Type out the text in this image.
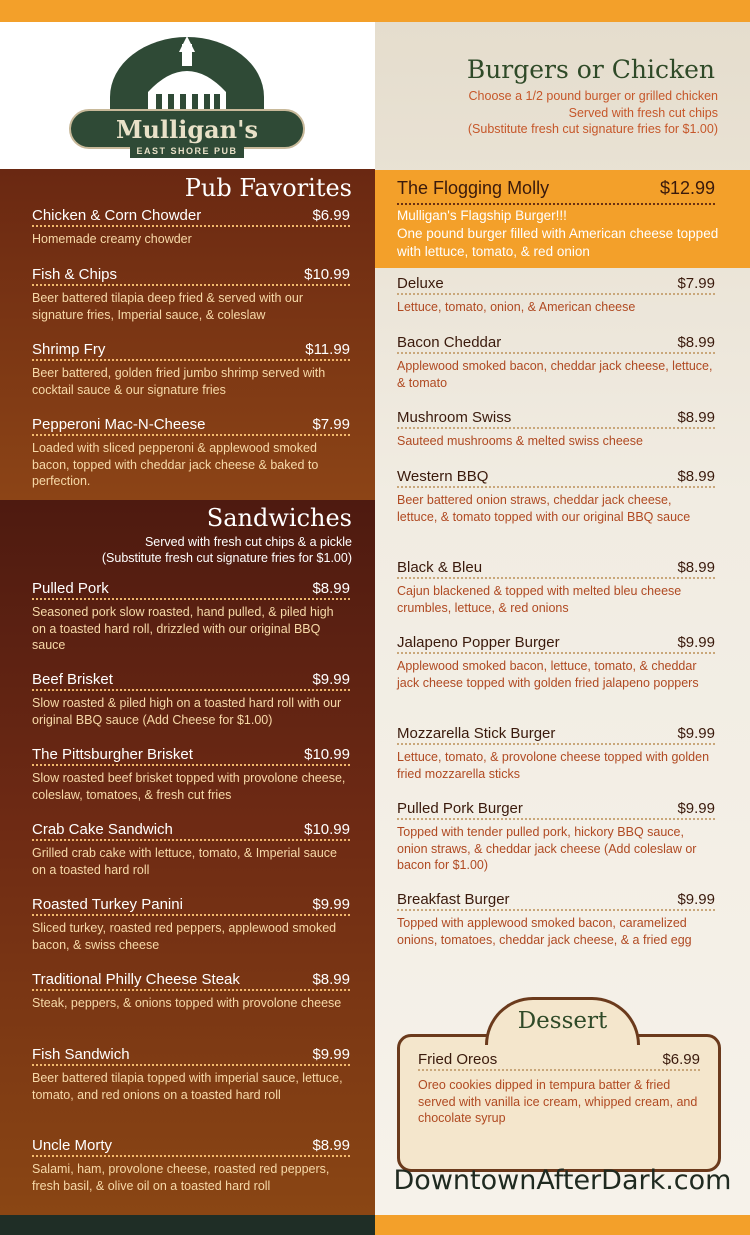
Mulligan's
EAST SHORE PUB
Pub Favorites
Chicken & Corn Chowder	$6.99
Homemade creamy chowder
Fish & Chips	$10.99
Beer battered tilapia deep fried & served with our signature fries, Imperial sauce, & coleslaw
Shrimp Fry	$11.99
Beer battered, golden fried jumbo shrimp served with cocktail sauce & our signature fries
Pepperoni Mac-N-Cheese	$7.99
Loaded with sliced pepperoni & applewood smoked bacon, topped with cheddar jack cheese & baked to perfection.
Sandwiches
Served with fresh cut chips & a pickle
(Substitute fresh cut signature fries for $1.00)
Pulled Pork	$8.99
Seasoned pork slow roasted, hand pulled, & piled high on a toasted hard roll, drizzled with our original BBQ sauce
Beef Brisket	$9.99
Slow roasted & piled high on a toasted hard roll with our original BBQ sauce (Add Cheese for $1.00)
The Pittsburgher Brisket	$10.99
Slow roasted beef brisket topped with provolone cheese, coleslaw, tomatoes, & fresh cut fries
Crab Cake Sandwich	$10.99
Grilled crab cake with lettuce, tomato, & Imperial sauce on a toasted hard roll
Roasted Turkey Panini	$9.99
Sliced turkey, roasted red peppers, applewood smoked bacon, & swiss cheese
Traditional Philly Cheese Steak	$8.99
Steak, peppers, & onions topped with provolone cheese
Fish Sandwich	$9.99
Beer battered tilapia topped with imperial sauce, lettuce, tomato, and red onions on a toasted hard roll
Uncle Morty	$8.99
Salami, ham, provolone cheese, roasted red peppers, fresh basil, & olive oil on a toasted hard roll
Burgers or Chicken
Choose a 1/2 pound burger or grilled chicken
Served with fresh cut chips
(Substitute fresh cut signature fries for $1.00)
The Flogging Molly	$12.99
Mulligan's Flagship Burger!!!
One pound burger filled with American cheese topped with lettuce, tomato, & red onion
Deluxe	$7.99
Lettuce, tomato, onion, & American cheese
Bacon Cheddar	$8.99
Applewood smoked bacon, cheddar jack cheese, lettuce, & tomato
Mushroom Swiss	$8.99
Sauteed mushrooms & melted swiss cheese
Western BBQ	$8.99
Beer battered onion straws, cheddar jack cheese, lettuce, & tomato topped with our original BBQ sauce
Black & Bleu	$8.99
Cajun blackened & topped with melted bleu cheese crumbles, lettuce, & red onions
Jalapeno Popper Burger	$9.99
Applewood smoked bacon, lettuce, tomato, & cheddar jack cheese topped with golden fried jalapeno poppers
Mozzarella Stick Burger	$9.99
Lettuce, tomato, & provolone cheese topped with golden fried mozzarella sticks
Pulled Pork Burger	$9.99
Topped with tender pulled pork, hickory BBQ sauce, onion straws, & cheddar jack cheese (Add coleslaw or bacon for $1.00)
Breakfast Burger	$9.99
Topped with applewood smoked bacon, caramelized onions, tomatoes, cheddar jack cheese, & a fried egg
Dessert
Fried Oreos	$6.99
Oreo cookies dipped in tempura batter & fried served with vanilla ice cream, whipped cream, and chocolate syrup
DowntownAfterDark.com
